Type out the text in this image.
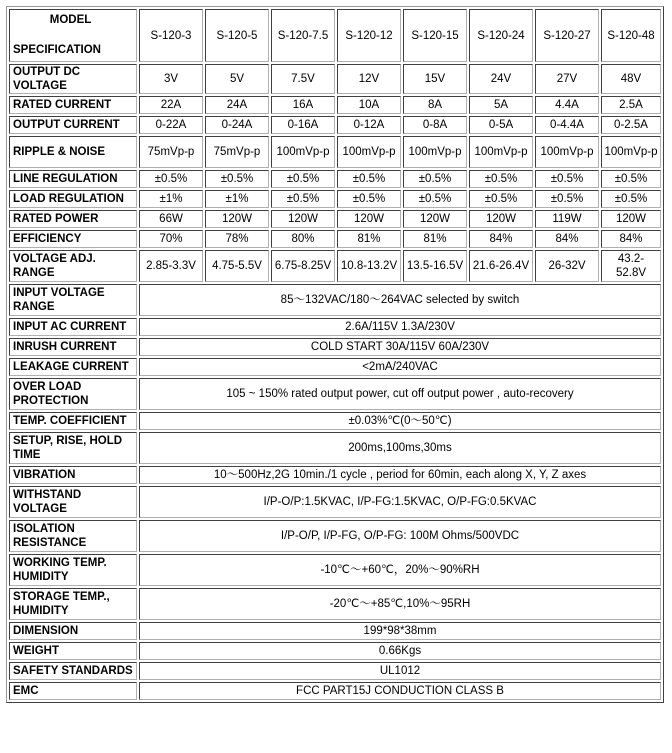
MODEL
SPECIFICATION	S-120-3	S-120-5	S-120-7.5	S-120-12	S-120-15	S-120-24	S-120-27	S-120-48
OUTPUT DC VOLTAGE	3V	5V	7.5V	12V	15V	24V	27V	48V
RATED CURRENT	22A	24A	16A	10A	8A	5A	4.4A	2.5A
OUTPUT CURRENT	0-22A	0-24A	0-16A	0-12A	0-8A	0-5A	0-4.4A	0-2.5A
RIPPLE & NOISE	75mVp-p	75mVp-p	100mVp-p	100mVp-p	100mVp-p	100mVp-p	100mVp-p	100mVp-p
LINE REGULATION	±0.5%	±0.5%	±0.5%	±0.5%	±0.5%	±0.5%	±0.5%	±0.5%
LOAD REGULATION	±1%	±1%	±0.5%	±0.5%	±0.5%	±0.5%	±0.5%	±0.5%
RATED POWER	66W	120W	120W	120W	120W	120W	119W	120W
EFFICIENCY	70%	78%	80%	81%	81%	84%	84%	84%
VOLTAGE ADJ. RANGE	2.85-3.3V	4.75-5.5V	6.75-8.25V	10.8-13.2V	13.5-16.5V	21.6-26.4V	26-32V	43.2-52.8V
INPUT VOLTAGE RANGE	85～132VAC/180～264VAC selected by switch							
INPUT AC CURRENT	2.6A/115V 1.3A/230V							
INRUSH CURRENT	COLD START 30A/115V 60A/230V							
LEAKAGE CURRENT	<2mA/240VAC							
OVER LOAD PROTECTION	105 ~ 150% rated output power, cut off output power , auto-recovery							
TEMP. COEFFICIENT	±0.03%℃(0～50℃)							
SETUP, RISE, HOLD TIME	200ms,100ms,30ms							
VIBRATION	10～500Hz,2G 10min./1 cycle , period for 60min, each along X, Y, Z axes							
WITHSTAND VOLTAGE	I/P-O/P:1.5KVAC, I/P-FG:1.5KVAC, O/P-FG:0.5KVAC							
ISOLATION RESISTANCE	I/P-O/P, I/P-FG, O/P-FG: 100M Ohms/500VDC							
WORKING TEMP. HUMIDITY	-10℃～+60℃，20%～90%RH							
STORAGE TEMP., HUMIDITY	-20℃～+85℃,10%～95RH							
DIMENSION	199*98*38mm							
WEIGHT	0.66Kgs							
SAFETY STANDARDS	UL1012							
EMC	FCC PART15J CONDUCTION CLASS B							
